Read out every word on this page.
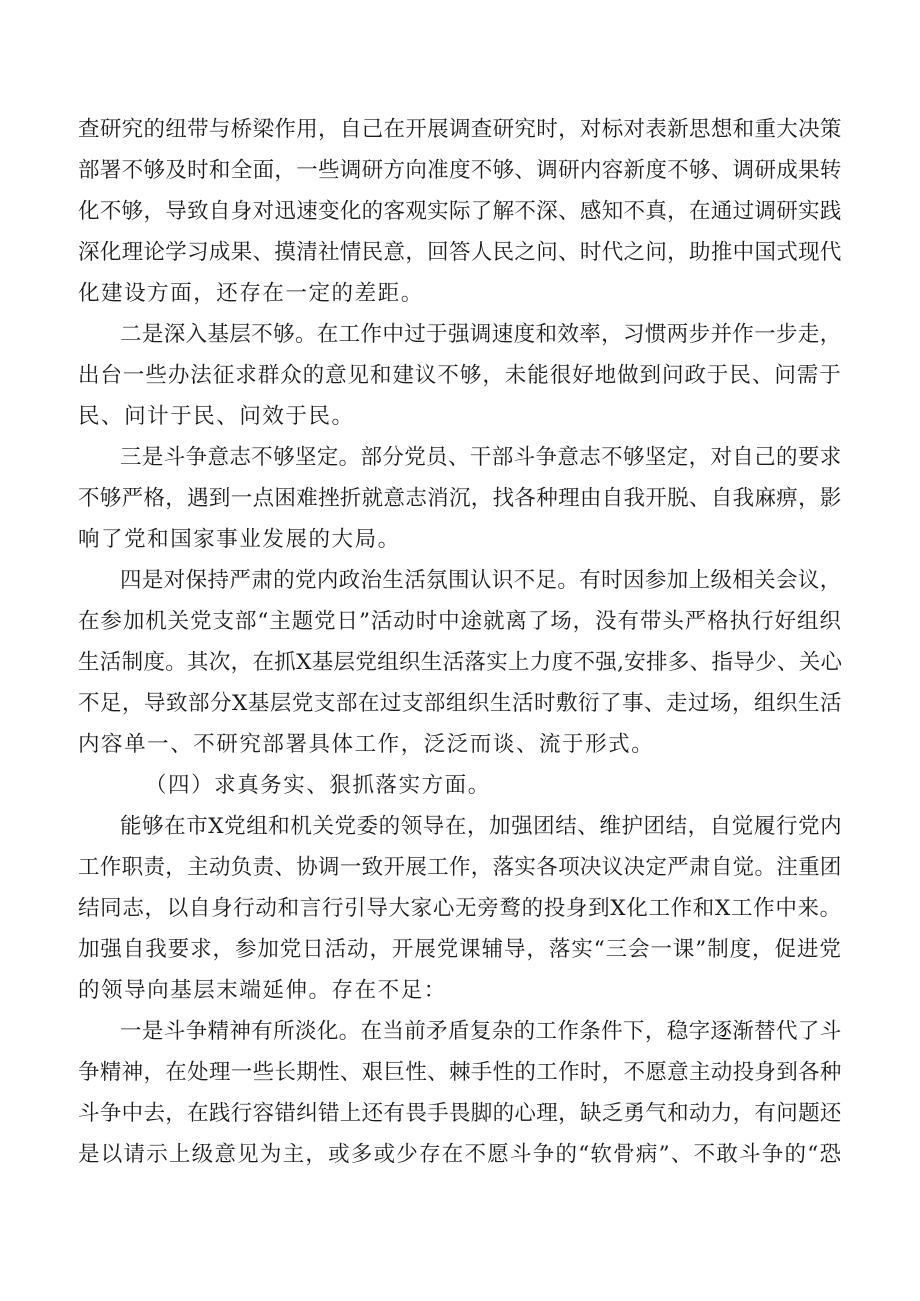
查研究的纽带与桥梁作用，自己在开展调查研究时，对标对表新思想和重大决策
部署不够及时和全面，一些调研方向准度不够、调研内容新度不够、调研成果转
化不够，导致自身对迅速变化的客观实际了解不深、感知不真，在通过调研实践
深化理论学习成果、摸清社情民意，回答人民之问、时代之问，助推中国式现代
化建设方面，还存在一定的差距。
二是深入基层不够。在工作中过于强调速度和效率，习惯两步并作一步走，
出台一些办法征求群众的意见和建议不够，未能很好地做到问政于民、问需于
民、问计于民、问效于民。
三是斗争意志不够坚定。部分党员、干部斗争意志不够坚定，对自己的要求
不够严格，遇到一点困难挫折就意志消沉，找各种理由自我开脱、自我麻痹，影
响了党和国家事业发展的大局。
四是对保持严肃的党内政治生活氛围认识不足。有时因参加上级相关会议，
在参加机关党支部“主题党日”活动时中途就离了场，没有带头严格执行好组织
生活制度。其次，在抓X基层党组织生活落实上力度不强,安排多、指导少、关心
不足，导致部分X基层党支部在过支部组织生活时敷衍了事、走过场，组织生活
内容单一、不研究部署具体工作，泛泛而谈、流于形式。
（四）求真务实、狠抓落实方面。
能够在市X党组和机关党委的领导在，加强团结、维护团结，自觉履行党内
工作职责，主动负责、协调一致开展工作，落实各项决议决定严肃自觉。注重团
结同志，以自身行动和言行引导大家心无旁鹜的投身到X化工作和X工作中来。
加强自我要求，参加党日活动，开展党课辅导，落实“三会一课”制度，促进党
的领导向基层末端延伸。存在不足：
一是斗争精神有所淡化。在当前矛盾复杂的工作条件下，稳字逐渐替代了斗
争精神，在处理一些长期性、艰巨性、棘手性的工作时，不愿意主动投身到各种
斗争中去，在践行容错纠错上还有畏手畏脚的心理，缺乏勇气和动力，有问题还
是以请示上级意见为主，或多或少存在不愿斗争的“软骨病”、不敢斗争的“恐
